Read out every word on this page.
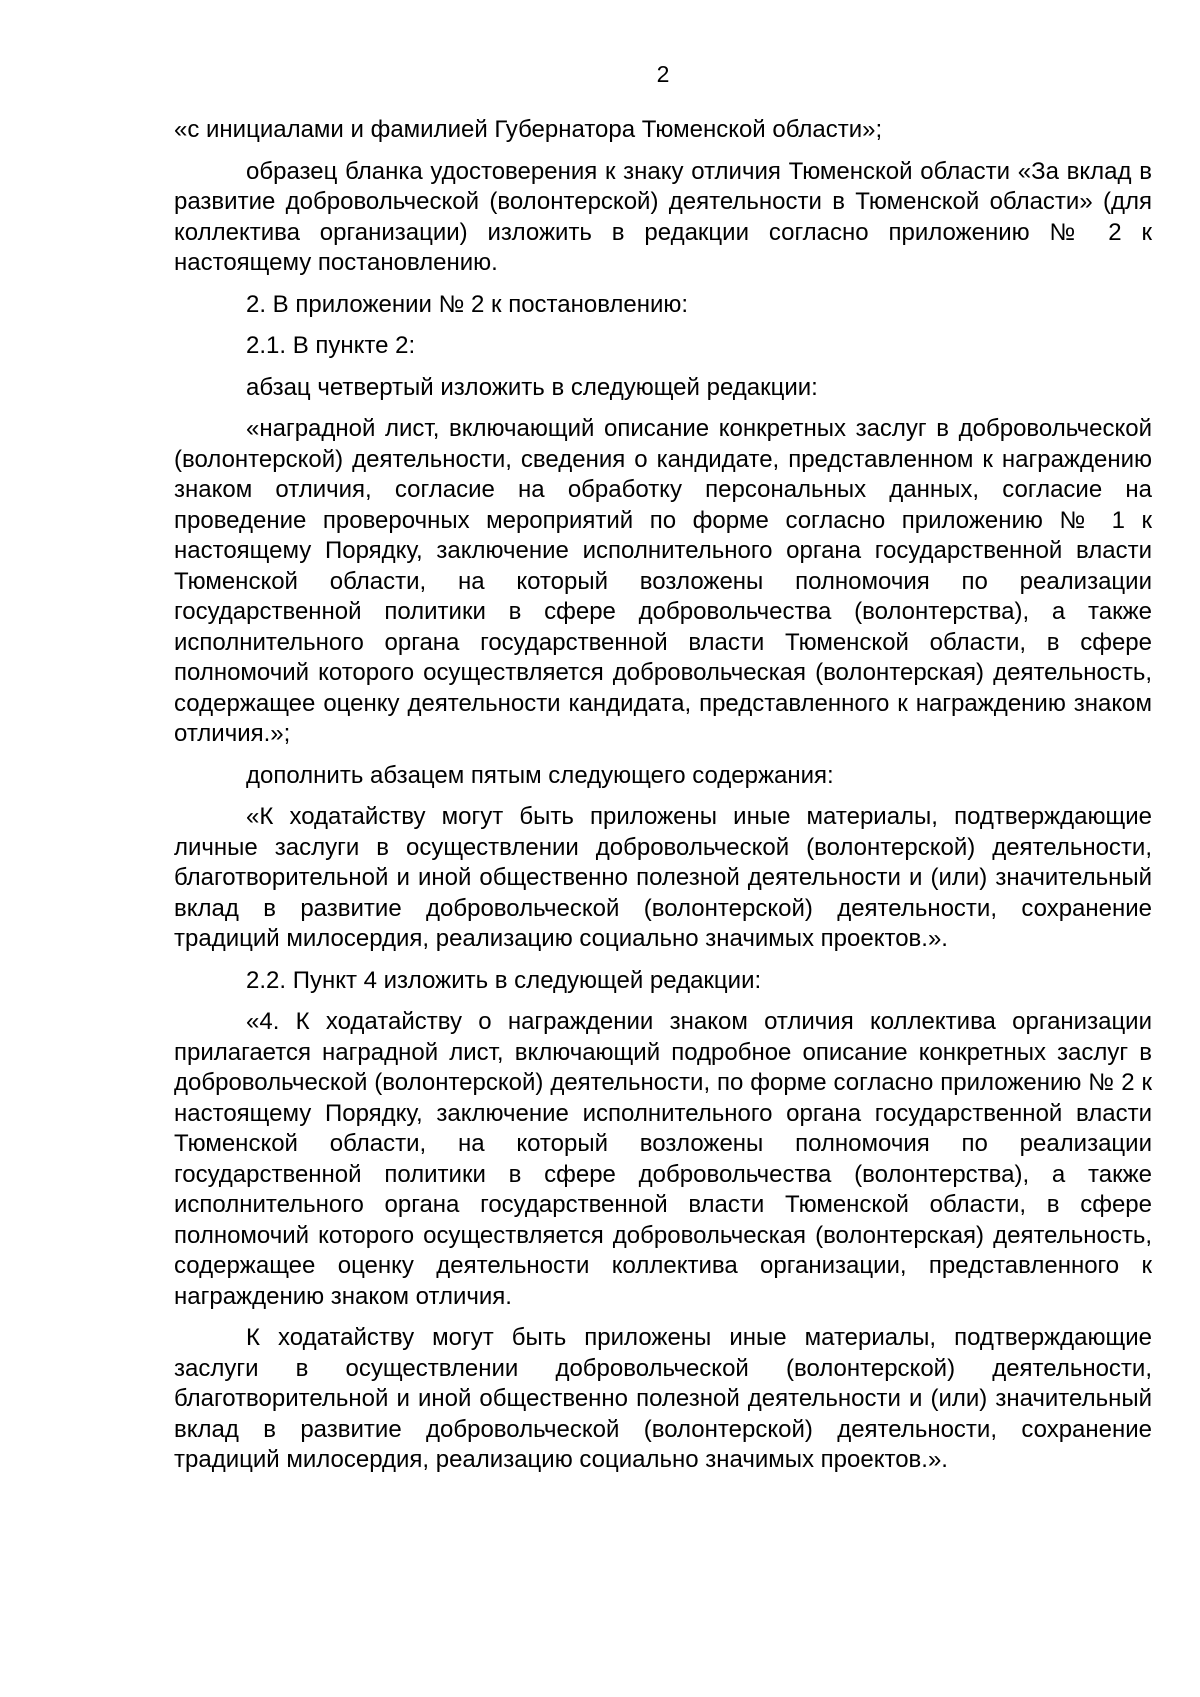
2

«с инициалами и фамилией Губернатора Тюменской области»;

образец бланка удостоверения к знаку отличия Тюменской области «За вклад в развитие добровольческой (волонтерской) деятельности в Тюменской области» (для коллектива организации) изложить в редакции согласно приложению № 2 к настоящему постановлению.

2. В приложении № 2 к постановлению:

2.1. В пункте 2:

абзац четвертый изложить в следующей редакции:

«наградной лист, включающий описание конкретных заслуг в добровольческой (волонтерской) деятельности, сведения о кандидате, представленном к награждению знаком отличия, согласие на обработку персональных данных, согласие на проведение проверочных мероприятий по форме согласно приложению № 1 к настоящему Порядку, заключение исполнительного органа государственной власти Тюменской области, на который возложены полномочия по реализации государственной политики в сфере добровольчества (волонтерства), а также исполнительного органа государственной власти Тюменской области, в сфере полномочий которого осуществляется добровольческая (волонтерская) деятельность, содержащее оценку деятельности кандидата, представленного к награждению знаком отличия.»;

дополнить абзацем пятым следующего содержания:

«К ходатайству могут быть приложены иные материалы, подтверждающие личные заслуги в осуществлении добровольческой (волонтерской) деятельности, благотворительной и иной общественно полезной деятельности и (или) значительный вклад в развитие добровольческой (волонтерской) деятельности, сохранение традиций милосердия, реализацию социально значимых проектов.».

2.2. Пункт 4 изложить в следующей редакции:

«4. К ходатайству о награждении знаком отличия коллектива организации прилагается наградной лист, включающий подробное описание конкретных заслуг в добровольческой (волонтерской) деятельности, по форме согласно приложению № 2 к настоящему Порядку, заключение исполнительного органа государственной власти Тюменской области, на который возложены полномочия по реализации государственной политики в сфере добровольчества (волонтерства), а также исполнительного органа государственной власти Тюменской области, в сфере полномочий которого осуществляется добровольческая (волонтерская) деятельность, содержащее оценку деятельности коллектива организации, представленного к награждению знаком отличия.

К ходатайству могут быть приложены иные материалы, подтверждающие заслуги в осуществлении добровольческой (волонтерской) деятельности, благотворительной и иной общественно полезной деятельности и (или) значительный вклад в развитие добровольческой (волонтерской) деятельности, сохранение традиций милосердия, реализацию социально значимых проектов.».
